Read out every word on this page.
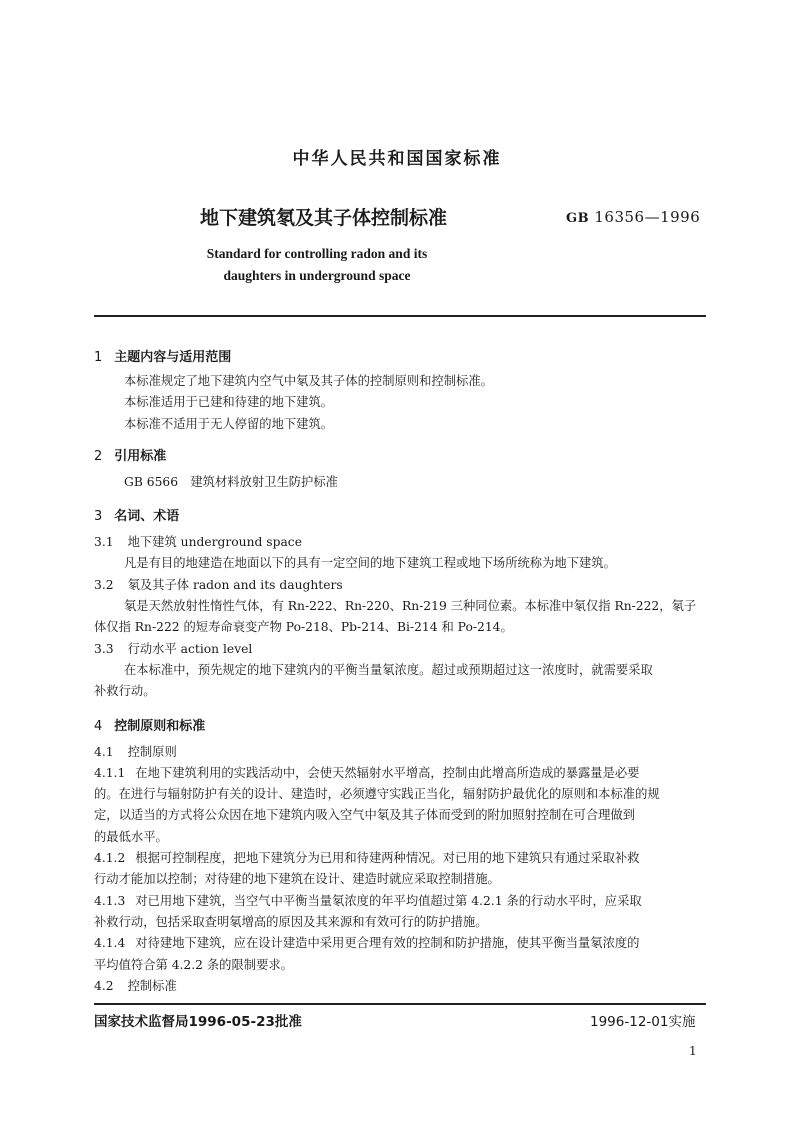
中华人民共和国国家标准
地下建筑氡及其子体控制标准	GB 16356—1996
Standard for controlling radon and its
daughters in underground space
1 主题内容与适用范围

本标准规定了地下建筑内空气中氡及其子体的控制原则和控制标准。

本标准适用于已建和待建的地下建筑。

本标准不适用于无人停留的地下建筑。

2 引用标准

GB 6566　建筑材料放射卫生防护标准

3 名词、术语

3.1 地下建筑 underground space

凡是有目的地建造在地面以下的具有一定空间的地下建筑工程或地下场所统称为地下建筑。

3.2 氡及其子体 radon and its daughters

氡是天然放射性惰性气体，有 Rn-222、Rn-220、Rn-219 三种同位素。本标准中氡仅指 Rn-222，氡子

体仅指 Rn-222 的短寿命衰变产物 Po-218、Pb-214、Bi-214 和 Po-214。

3.3 行动水平 action level

在本标准中，预先规定的地下建筑内的平衡当量氡浓度。超过或预期超过这一浓度时，就需要采取

补救行动。

4 控制原则和标准

4.1 控制原则

4.1.1 在地下建筑利用的实践活动中，会使天然辐射水平增高，控制由此增高所造成的暴露量是必要

的。在进行与辐射防护有关的设计、建造时，必须遵守实践正当化，辐射防护最优化的原则和本标准的规

定，以适当的方式将公众因在地下建筑内吸入空气中氡及其子体而受到的附加照射控制在可合理做到

的最低水平。

4.1.2 根据可控制程度，把地下建筑分为已用和待建两种情况。对已用的地下建筑只有通过采取补救

行动才能加以控制；对待建的地下建筑在设计、建造时就应采取控制措施。

4.1.3 对已用地下建筑，当空气中平衡当量氡浓度的年平均值超过第 4.2.1 条的行动水平时，应采取

补救行动，包括采取查明氡增高的原因及其来源和有效可行的防护措施。

4.1.4 对待建地下建筑，应在设计建造中采用更合理有效的控制和防护措施，使其平衡当量氡浓度的

平均值符合第 4.2.2 条的限制要求。

4.2 控制标准

国家技术监督局1996-05-23批准	1996-12-01实施
1
